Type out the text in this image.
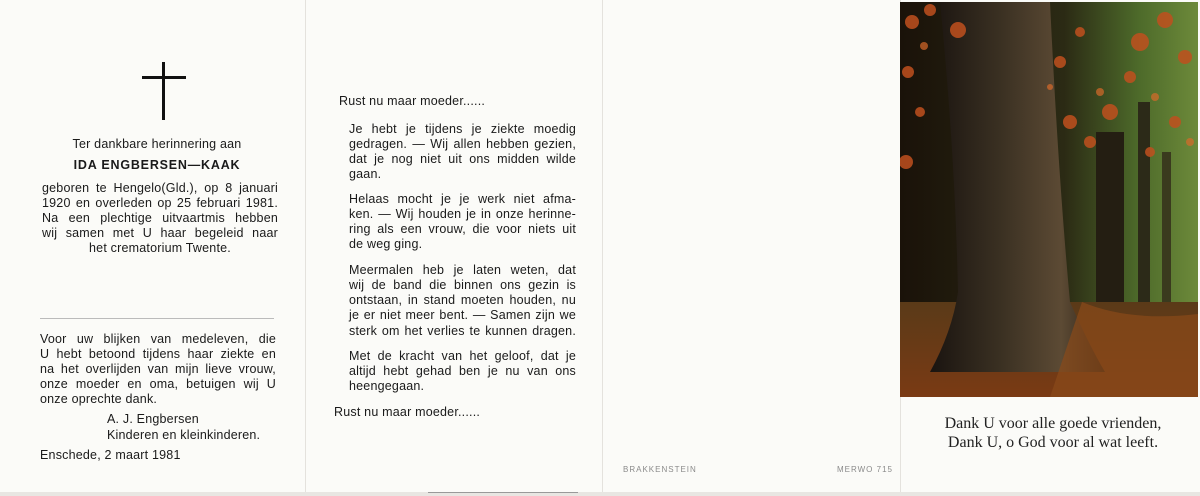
Ter dankbare herinnering aan
IDA ENGBERSEN—KAAK
geboren te Hengelo(Gld.), op 8 januari
1920 en overleden op 25 februari 1981.
Na een plechtige uitvaartmis hebben
wij samen met U haar begeleid naar
het crematorium Twente.
Voor uw blijken van medeleven, die
U hebt betoond tijdens haar ziekte en
na het overlijden van mijn lieve vrouw,
onze moeder en oma, betuigen wij U
onze oprechte dank.
A. J. Engbersen
Kinderen en kleinkinderen.
Enschede, 2 maart 1981
Rust nu maar moeder......
Je hebt je tijdens je ziekte moedig
gedragen. — Wij allen hebben gezien,
dat je nog niet uit ons midden wilde
gaan.
Helaas mocht je je werk niet afma-
ken. — Wij houden je in onze herinne-
ring als een vrouw, die voor niets uit
de weg ging.
Meermalen heb je laten weten, dat
wij de band die binnen ons gezin is
ontstaan, in stand moeten houden, nu
je er niet meer bent. — Samen zijn we
sterk om het verlies te kunnen dragen.
Met de kracht van het geloof, dat je
altijd hebt gehad ben je nu van ons
heengegaan.
Rust nu maar moeder......
BRAKKENSTEIN	MERWO 715
Dank U voor alle goede vrienden,
Dank U, o God voor al wat leeft.
